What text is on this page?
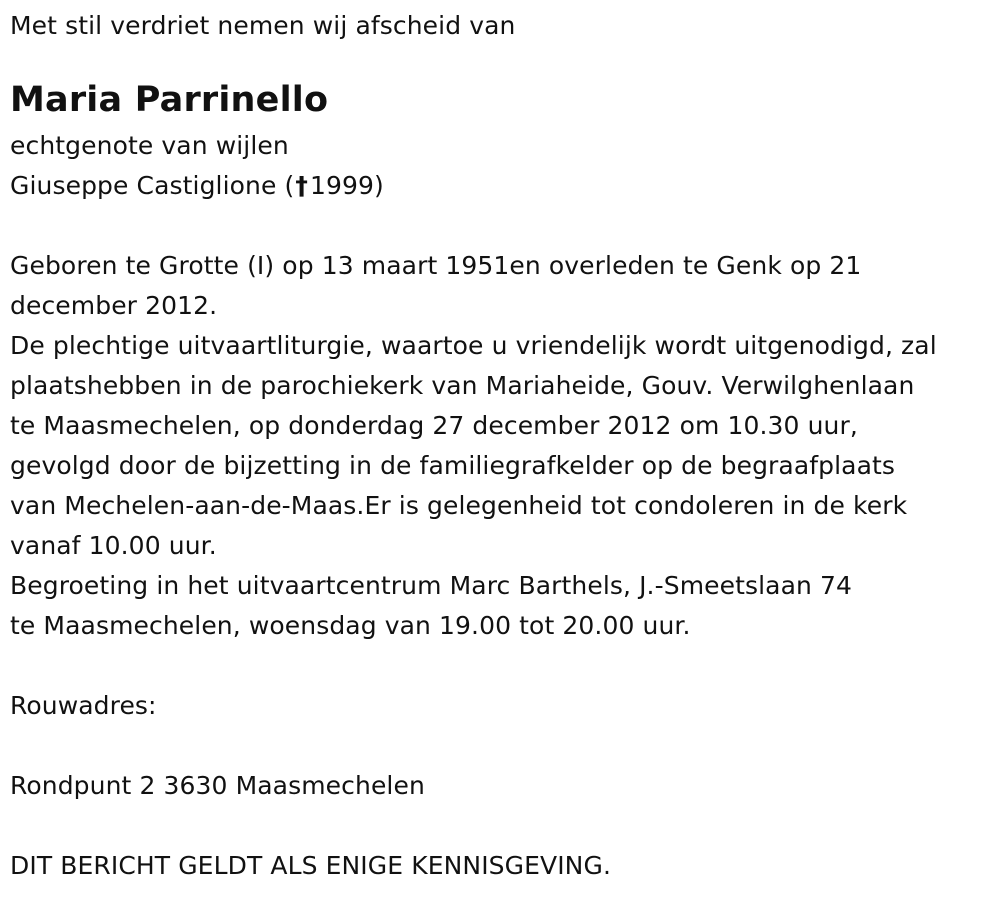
Met stil verdriet nemen wij afscheid van
Maria Parrinello
echtgenote van wijlen
Giuseppe Castiglione (†1999)
Geboren te Grotte (I) op 13 maart 1951en overleden te Genk op 21
december 2012.
De plechtige uitvaartliturgie, waartoe u vriendelijk wordt uitgenodigd, zal
plaatshebben in de parochiekerk van Mariaheide, Gouv. Verwilghenlaan
te Maasmechelen, op donderdag 27 december 2012 om 10.30 uur,
gevolgd door de bijzetting in de familiegrafkelder op de begraafplaats
van Mechelen-aan-de-Maas.Er is gelegenheid tot condoleren in de kerk
vanaf 10.00 uur.
Begroeting in het uitvaartcentrum Marc Barthels, J.-Smeetslaan 74
te Maasmechelen, woensdag van 19.00 tot 20.00 uur.
Rouwadres:
Rondpunt 2 3630 Maasmechelen
DIT BERICHT GELDT ALS ENIGE KENNISGEVING.
